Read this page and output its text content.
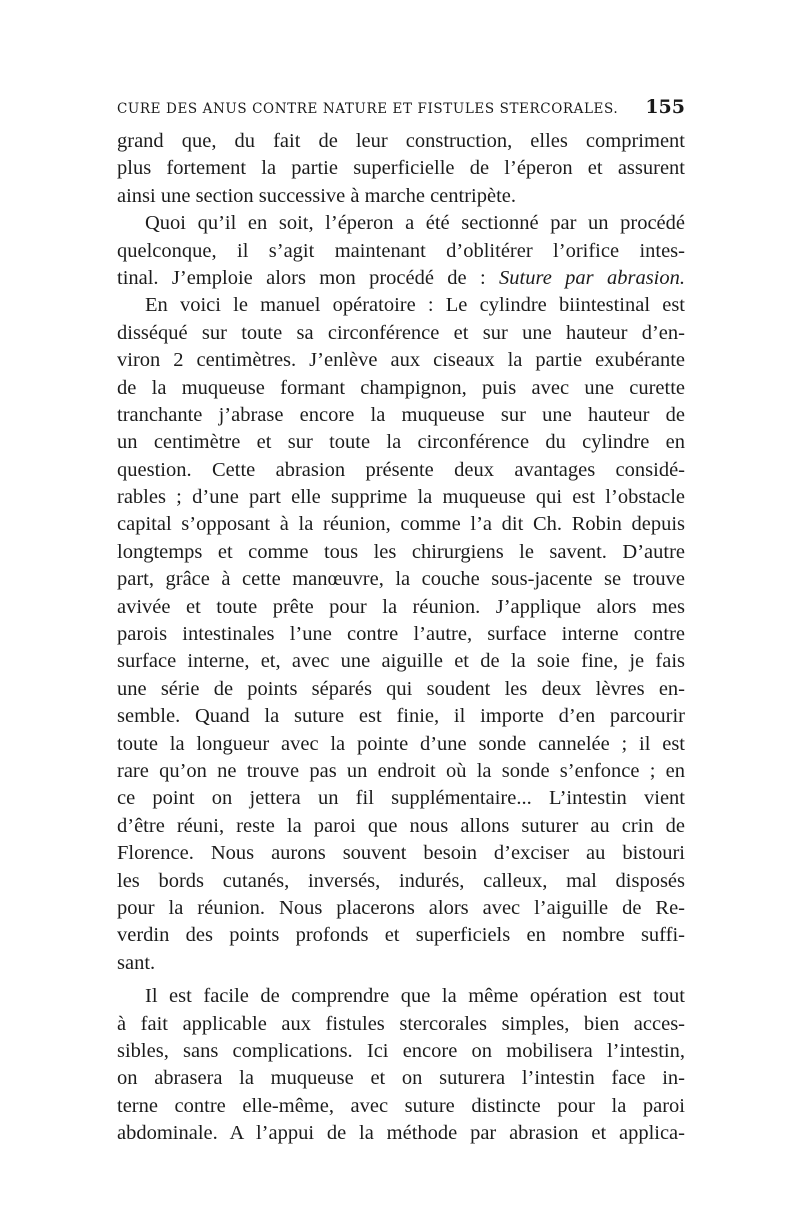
CURE DES ANUS CONTRE NATURE ET FISTULES STERCORALES. 155
grand que, du fait de leur construction, elles compriment
plus fortement la partie superficielle de l’éperon et assurent
ainsi une section successive à marche centripète.
Quoi qu’il en soit, l’éperon a été sectionné par un procédé
quelconque, il s’agit maintenant d’oblitérer l’orifice intes-
tinal. J’emploie alors mon procédé de : Suture par abrasion.
En voici le manuel opératoire : Le cylindre biintestinal est
disséqué sur toute sa circonférence et sur une hauteur d’en-
viron 2 centimètres. J’enlève aux ciseaux la partie exubérante
de la muqueuse formant champignon, puis avec une curette
tranchante j’abrase encore la muqueuse sur une hauteur de
un centimètre et sur toute la circonférence du cylindre en
question. Cette abrasion présente deux avantages considé-
rables ; d’une part elle supprime la muqueuse qui est l’obstacle
capital s’opposant à la réunion, comme l’a dit Ch. Robin depuis
longtemps et comme tous les chirurgiens le savent. D’autre
part, grâce à cette manœuvre, la couche sous-jacente se trouve
avivée et toute prête pour la réunion. J’applique alors mes
parois intestinales l’une contre l’autre, surface interne contre
surface interne, et, avec une aiguille et de la soie fine, je fais
une série de points séparés qui soudent les deux lèvres en-
semble. Quand la suture est finie, il importe d’en parcourir
toute la longueur avec la pointe d’une sonde cannelée ; il est
rare qu’on ne trouve pas un endroit où la sonde s’enfonce ; en
ce point on jettera un fil supplémentaire... L’intestin vient
d’être réuni, reste la paroi que nous allons suturer au crin de
Florence. Nous aurons souvent besoin d’exciser au bistouri
les bords cutanés, inversés, indurés, calleux, mal disposés
pour la réunion. Nous placerons alors avec l’aiguille de Re-
verdin des points profonds et superficiels en nombre suffi-
sant.
Il est facile de comprendre que la même opération est tout
à fait applicable aux fistules stercorales simples, bien acces-
sibles, sans complications. Ici encore on mobilisera l’intestin,
on abrasera la muqueuse et on suturera l’intestin face in-
terne contre elle-même, avec suture distincte pour la paroi
abdominale. A l’appui de la méthode par abrasion et applica-
